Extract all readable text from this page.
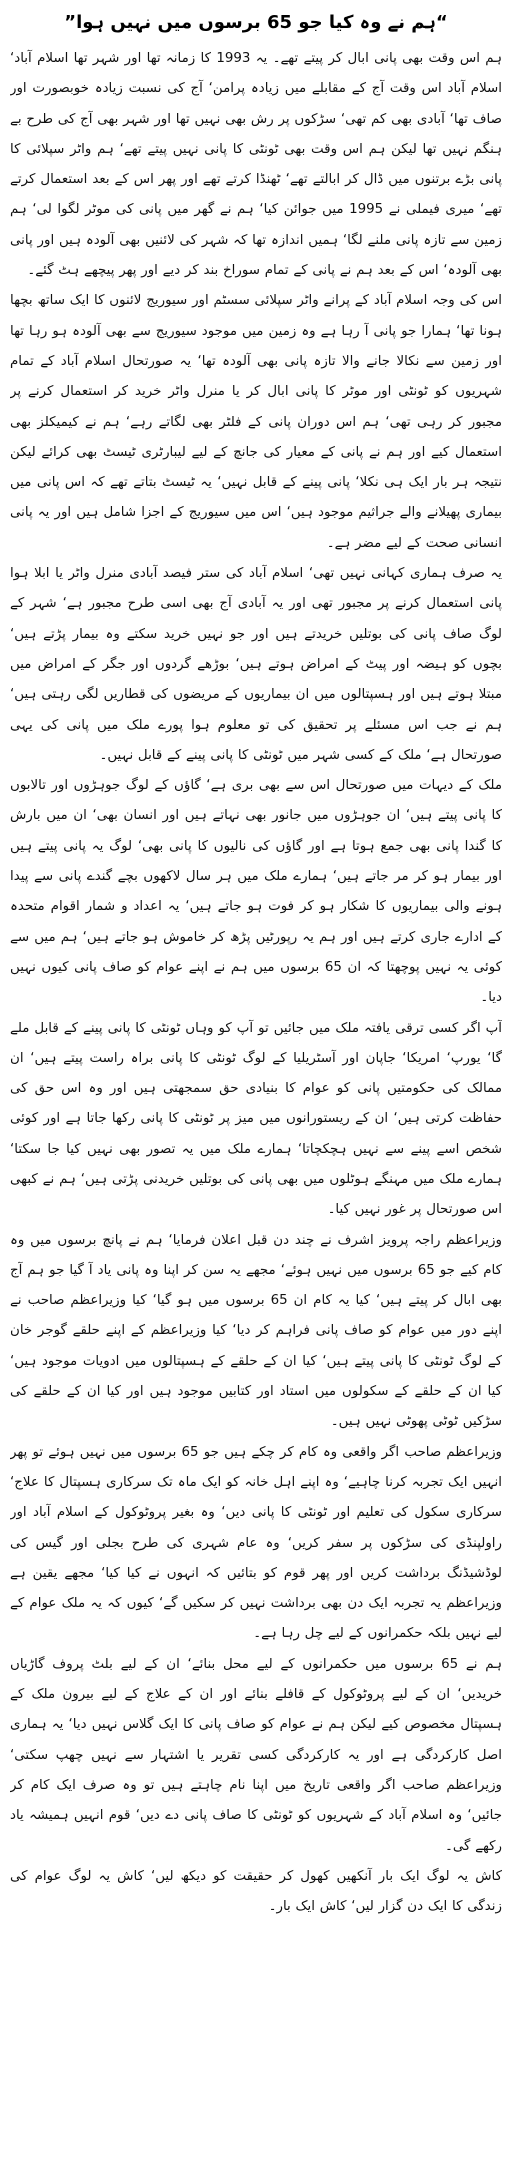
“ہم نے وہ کیا جو 65 برسوں میں نہیں ہوا”

ہم اس وقت بھی پانی ابال کر پیتے تھے۔ یہ 1993 کا زمانہ تھا اور شہر تھا اسلام آباد‘ اسلام آباد اس وقت آج کے مقابلے میں زیادہ پرامن‘ آج کی نسبت زیادہ خوبصورت اور صاف تھا‘ آبادی بھی کم تھی‘ سڑکوں پر رش بھی نہیں تھا اور شہر بھی آج کی طرح بے ہنگم نہیں تھا لیکن ہم اس وقت بھی ٹونٹی کا پانی نہیں پیتے تھے‘ ہم واٹر سپلائی کا پانی بڑے برتنوں میں ڈال کر ابالتے تھے‘ ٹھنڈا کرتے تھے اور پھر اس کے بعد استعمال کرتے تھے‘ میری فیملی نے 1995 میں جوائن کیا‘ ہم نے گھر میں پانی کی موٹر لگوا لی‘ ہم زمین سے تازہ پانی ملنے لگا‘ ہمیں اندازہ تھا کہ شہر کی لائنیں بھی آلودہ ہیں اور پانی بھی آلودہ‘ اس کے بعد ہم نے پانی کے تمام سوراخ بند کر دیے اور پھر پیچھے ہٹ گئے۔

اس کی وجہ اسلام آباد کے پرانے واٹر سپلائی سسٹم اور سیوریج لائنوں کا ایک ساتھ بچھا ہونا تھا‘ ہمارا جو پانی آ رہا ہے وہ زمین میں موجود سیوریج سے بھی آلودہ ہو رہا تھا اور زمین سے نکالا جانے والا تازہ پانی بھی آلودہ تھا‘ یہ صورتحال اسلام آباد کے تمام شہریوں کو ٹونٹی اور موٹر کا پانی ابال کر یا منرل واٹر خرید کر استعمال کرنے پر مجبور کر رہی تھی‘ ہم اس دوران پانی کے فلٹر بھی لگاتے رہے‘ ہم نے کیمیکلز بھی استعمال کیے اور ہم نے پانی کے معیار کی جانچ کے لیے لیبارٹری ٹیسٹ بھی کرائے لیکن نتیجہ ہر بار ایک ہی نکلا‘ پانی پینے کے قابل نہیں‘ یہ ٹیسٹ بتاتے تھے کہ اس پانی میں بیماری پھیلانے والے جراثیم موجود ہیں‘ اس میں سیوریج کے اجزا شامل ہیں اور یہ پانی انسانی صحت کے لیے مضر ہے۔

یہ صرف ہماری کہانی نہیں تھی‘ اسلام آباد کی ستر فیصد آبادی منرل واٹر یا ابلا ہوا پانی استعمال کرنے پر مجبور تھی اور یہ آبادی آج بھی اسی طرح مجبور ہے‘ شہر کے لوگ صاف پانی کی بوتلیں خریدتے ہیں اور جو نہیں خرید سکتے وہ بیمار پڑتے ہیں‘ بچوں کو ہیضہ اور پیٹ کے امراض ہوتے ہیں‘ بوڑھے گردوں اور جگر کے امراض میں مبتلا ہوتے ہیں اور ہسپتالوں میں ان بیماریوں کے مریضوں کی قطاریں لگی رہتی ہیں‘ ہم نے جب اس مسئلے پر تحقیق کی تو معلوم ہوا پورے ملک میں پانی کی یہی صورتحال ہے‘ ملک کے کسی شہر میں ٹونٹی کا پانی پینے کے قابل نہیں۔

ملک کے دیہات میں صورتحال اس سے بھی بری ہے‘ گاؤں کے لوگ جوہڑوں اور تالابوں کا پانی پیتے ہیں‘ ان جوہڑوں میں جانور بھی نہاتے ہیں اور انسان بھی‘ ان میں بارش کا گندا پانی بھی جمع ہوتا ہے اور گاؤں کی نالیوں کا پانی بھی‘ لوگ یہ پانی پیتے ہیں اور بیمار ہو کر مر جاتے ہیں‘ ہمارے ملک میں ہر سال لاکھوں بچے گندے پانی سے پیدا ہونے والی بیماریوں کا شکار ہو کر فوت ہو جاتے ہیں‘ یہ اعداد و شمار اقوام متحدہ کے ادارے جاری کرتے ہیں اور ہم یہ رپورٹیں پڑھ کر خاموش ہو جاتے ہیں‘ ہم میں سے کوئی یہ نہیں پوچھتا کہ ان 65 برسوں میں ہم نے اپنے عوام کو صاف پانی کیوں نہیں دیا۔

آپ اگر کسی ترقی یافتہ ملک میں جائیں تو آپ کو وہاں ٹونٹی کا پانی پینے کے قابل ملے گا‘ یورپ‘ امریکا‘ جاپان اور آسٹریلیا کے لوگ ٹونٹی کا پانی براہ راست پیتے ہیں‘ ان ممالک کی حکومتیں پانی کو عوام کا بنیادی حق سمجھتی ہیں اور وہ اس حق کی حفاظت کرتی ہیں‘ ان کے ریستورانوں میں میز پر ٹونٹی کا پانی رکھا جاتا ہے اور کوئی شخص اسے پینے سے نہیں ہچکچاتا‘ ہمارے ملک میں یہ تصور بھی نہیں کیا جا سکتا‘ ہمارے ملک میں مہنگے ہوٹلوں میں بھی پانی کی بوتلیں خریدنی پڑتی ہیں‘ ہم نے کبھی اس صورتحال پر غور نہیں کیا۔

وزیراعظم راجہ پرویز اشرف نے چند دن قبل اعلان فرمایا‘ ہم نے پانچ برسوں میں وہ کام کیے جو 65 برسوں میں نہیں ہوئے‘ مجھے یہ سن کر اپنا وہ پانی یاد آ گیا جو ہم آج بھی ابال کر پیتے ہیں‘ کیا یہ کام ان 65 برسوں میں ہو گیا‘ کیا وزیراعظم صاحب نے اپنے دور میں عوام کو صاف پانی فراہم کر دیا‘ کیا وزیراعظم کے اپنے حلقے گوجر خان کے لوگ ٹونٹی کا پانی پیتے ہیں‘ کیا ان کے حلقے کے ہسپتالوں میں ادویات موجود ہیں‘ کیا ان کے حلقے کے سکولوں میں استاد اور کتابیں موجود ہیں اور کیا ان کے حلقے کی سڑکیں ٹوٹی پھوٹی نہیں ہیں۔

وزیراعظم صاحب اگر واقعی وہ کام کر چکے ہیں جو 65 برسوں میں نہیں ہوئے تو پھر انہیں ایک تجربہ کرنا چاہیے‘ وہ اپنے اہل خانہ کو ایک ماہ تک سرکاری ہسپتال کا علاج‘ سرکاری سکول کی تعلیم اور ٹونٹی کا پانی دیں‘ وہ بغیر پروٹوکول کے اسلام آباد اور راولپنڈی کی سڑکوں پر سفر کریں‘ وہ عام شہری کی طرح بجلی اور گیس کی لوڈشیڈنگ برداشت کریں اور پھر قوم کو بتائیں کہ انہوں نے کیا کیا‘ مجھے یقین ہے وزیراعظم یہ تجربہ ایک دن بھی برداشت نہیں کر سکیں گے‘ کیوں کہ یہ ملک عوام کے لیے نہیں بلکہ حکمرانوں کے لیے چل رہا ہے۔

ہم نے 65 برسوں میں حکمرانوں کے لیے محل بنائے‘ ان کے لیے بلٹ پروف گاڑیاں خریدیں‘ ان کے لیے پروٹوکول کے قافلے بنائے اور ان کے علاج کے لیے بیرون ملک کے ہسپتال مخصوص کیے لیکن ہم نے عوام کو صاف پانی کا ایک گلاس نہیں دیا‘ یہ ہماری اصل کارکردگی ہے اور یہ کارکردگی کسی تقریر یا اشتہار سے نہیں چھپ سکتی‘ وزیراعظم صاحب اگر واقعی تاریخ میں اپنا نام چاہتے ہیں تو وہ صرف ایک کام کر جائیں‘ وہ اسلام آباد کے شہریوں کو ٹونٹی کا صاف پانی دے دیں‘ قوم انہیں ہمیشہ یاد رکھے گی۔

کاش یہ لوگ ایک بار آنکھیں کھول کر حقیقت کو دیکھ لیں‘ کاش یہ لوگ عوام کی زندگی کا ایک دن گزار لیں‘ کاش ایک بار۔
